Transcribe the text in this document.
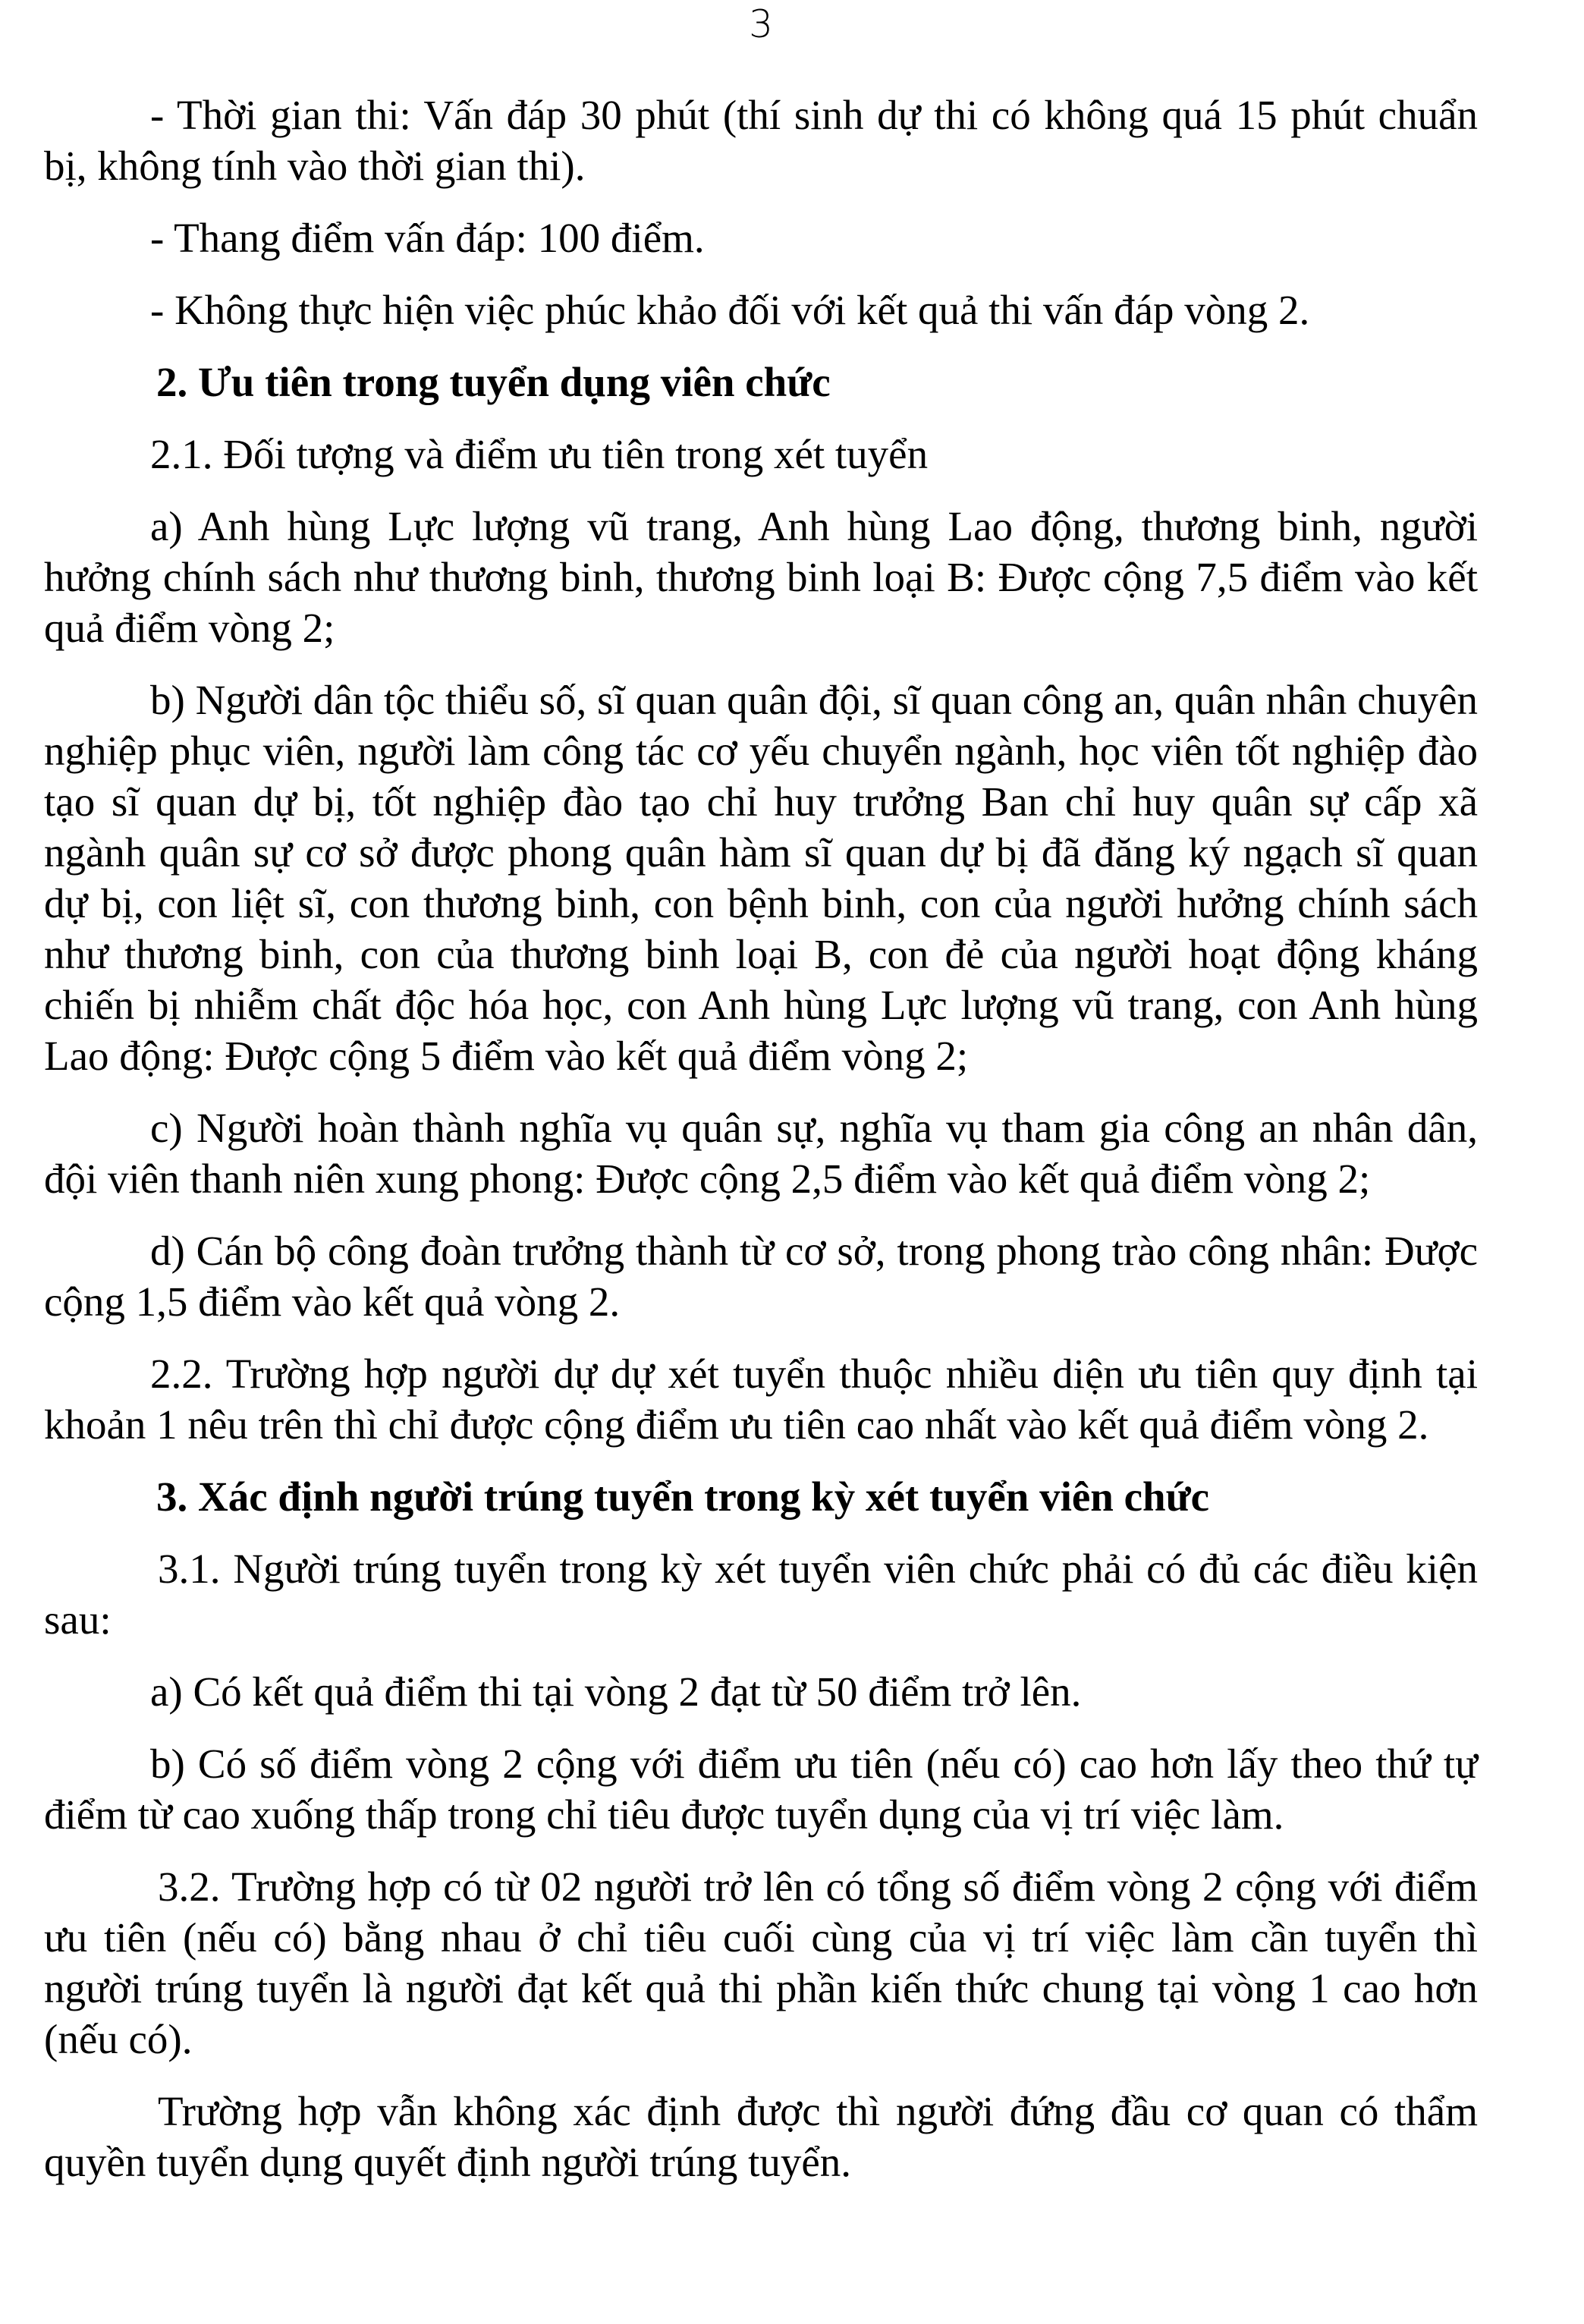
3

- Thời gian thi: Vấn đáp 30 phút (thí sinh dự thi có không quá 15 phút chuẩn bị, không tính vào thời gian thi).

- Thang điểm vấn đáp: 100 điểm.

- Không thực hiện việc phúc khảo đối với kết quả thi vấn đáp vòng 2.

2. Ưu tiên trong tuyển dụng viên chức

2.1. Đối tượng và điểm ưu tiên trong xét tuyển

a) Anh hùng Lực lượng vũ trang, Anh hùng Lao động, thương binh, người hưởng chính sách như thương binh, thương binh loại B: Được cộng 7,5 điểm vào kết quả điểm vòng 2;

b) Người dân tộc thiểu số, sĩ quan quân đội, sĩ quan công an, quân nhân chuyên nghiệp phục viên, người làm công tác cơ yếu chuyển ngành, học viên tốt nghiệp đào tạo sĩ quan dự bị, tốt nghiệp đào tạo chỉ huy trưởng Ban chỉ huy quân sự cấp xã ngành quân sự cơ sở được phong quân hàm sĩ quan dự bị đã đăng ký ngạch sĩ quan dự bị, con liệt sĩ, con thương binh, con bệnh binh, con của người hưởng chính sách như thương binh, con của thương binh loại B, con đẻ của người hoạt động kháng chiến bị nhiễm chất độc hóa học, con Anh hùng Lực lượng vũ trang, con Anh hùng Lao động: Được cộng 5 điểm vào kết quả điểm vòng 2;

c) Người hoàn thành nghĩa vụ quân sự, nghĩa vụ tham gia công an nhân dân, đội viên thanh niên xung phong: Được cộng 2,5 điểm vào kết quả điểm vòng 2;

d) Cán bộ công đoàn trưởng thành từ cơ sở, trong phong trào công nhân: Được cộng 1,5 điểm vào kết quả vòng 2.

2.2. Trường hợp người dự dự xét tuyển thuộc nhiều diện ưu tiên quy định tại khoản 1 nêu trên thì chỉ được cộng điểm ưu tiên cao nhất vào kết quả điểm vòng 2.

3. Xác định người trúng tuyển trong kỳ xét tuyển viên chức

3.1. Người trúng tuyển trong kỳ xét tuyển viên chức phải có đủ các điều kiện sau:

a) Có kết quả điểm thi tại vòng 2 đạt từ 50 điểm trở lên.

b) Có số điểm vòng 2 cộng với điểm ưu tiên (nếu có) cao hơn lấy theo thứ tự điểm từ cao xuống thấp trong chỉ tiêu được tuyển dụng của vị trí việc làm.

3.2. Trường hợp có từ 02 người trở lên có tổng số điểm vòng 2 cộng với điểm ưu tiên (nếu có) bằng nhau ở chỉ tiêu cuối cùng của vị trí việc làm cần tuyển thì người trúng tuyển là người đạt kết quả thi phần kiến thức chung tại vòng 1 cao hơn (nếu có).

Trường hợp vẫn không xác định được thì người đứng đầu cơ quan có thẩm quyền tuyển dụng quyết định người trúng tuyển.
